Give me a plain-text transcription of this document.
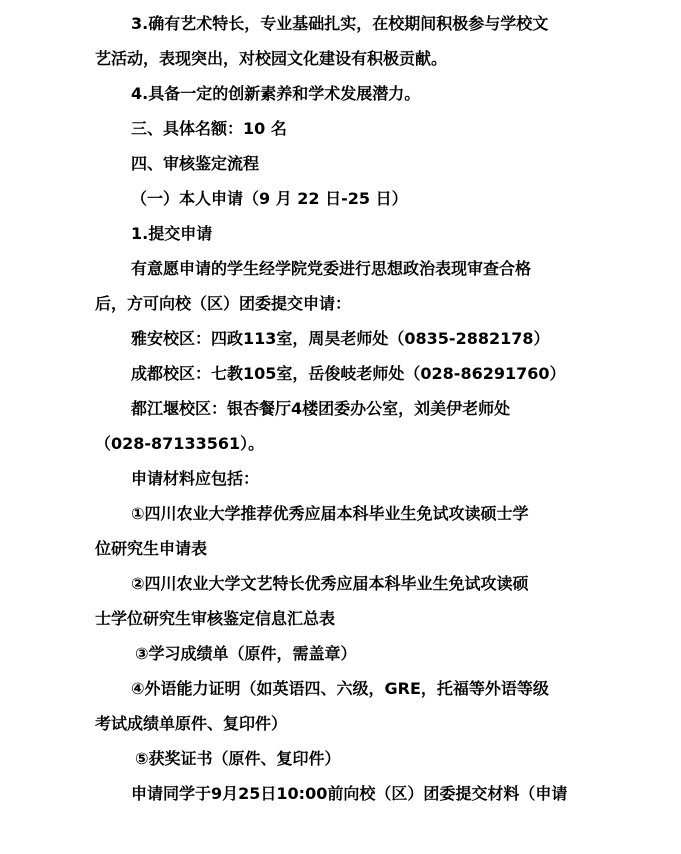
3.确有艺术特长，专业基础扎实，在校期间积极参与学校文
艺活动，表现突出，对校园文化建设有积极贡献。
4.具备一定的创新素养和学术发展潜力。
三、具体名额：10 名
四、审核鉴定流程
（一）本人申请（9 月 22 日-25 日）
1.提交申请
有意愿申请的学生经学院党委进行思想政治表现审查合格
后，方可向校（区）团委提交申请：
雅安校区：四政113室，周昊老师处（0835-2882178）
成都校区：七教105室，岳俊岐老师处（028-86291760）
都江堰校区：银杏餐厅4楼团委办公室，刘美伊老师处
（028-87133561）。
申请材料应包括：
①四川农业大学推荐优秀应届本科毕业生免试攻读硕士学
位研究生申请表
②四川农业大学文艺特长优秀应届本科毕业生免试攻读硕
士学位研究生审核鉴定信息汇总表
③学习成绩单（原件，需盖章）
④外语能力证明（如英语四、六级，GRE，托福等外语等级
考试成绩单原件、复印件）
⑤获奖证书（原件、复印件）
申请同学于9月25日10:00前向校（区）团委提交材料（申请
